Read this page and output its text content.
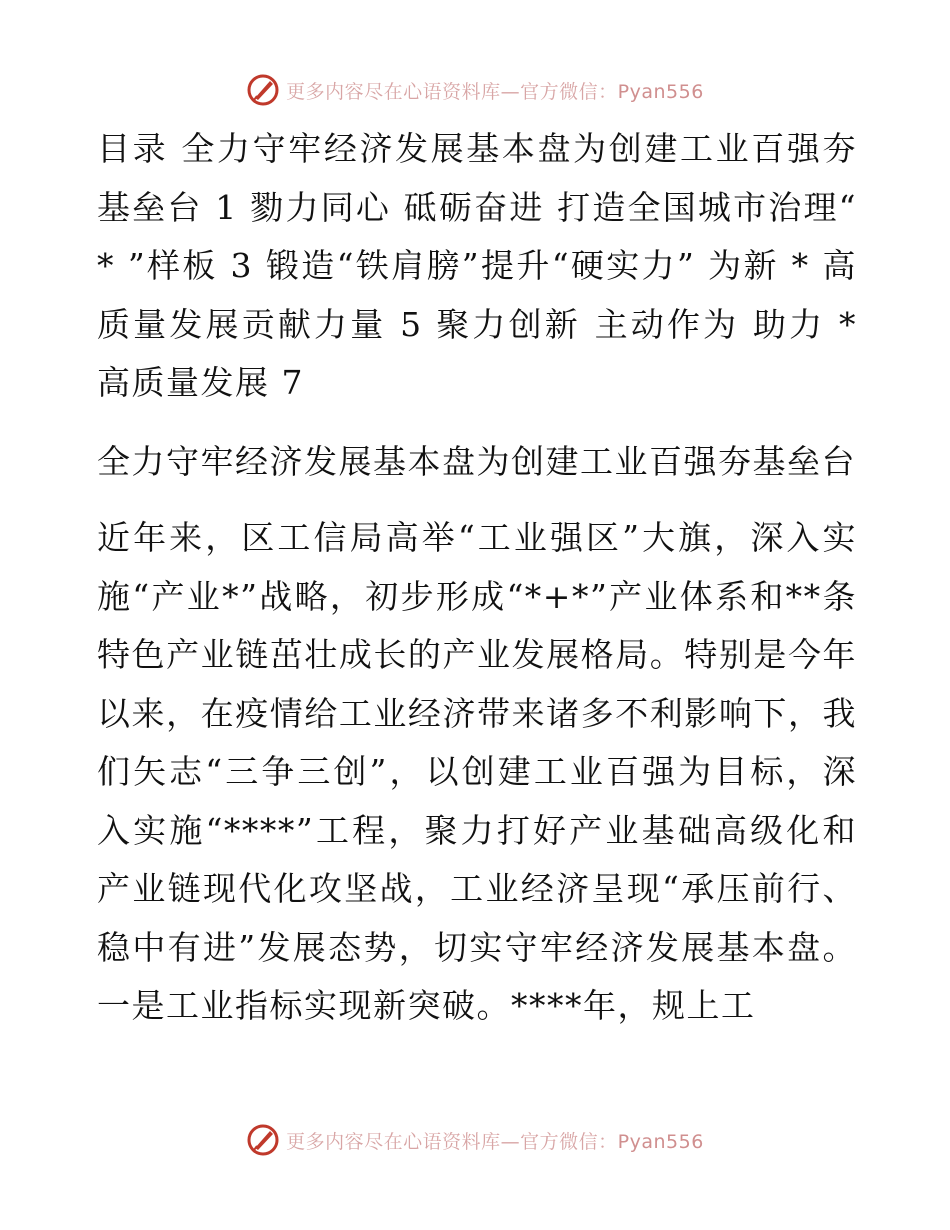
更多内容尽在心语资料库—官方微信：Pyan556

目录 全力守牢经济发展基本盘为创建工业百强夯基垒台 1 勠力同心 砥砺奋进 打造全国城市治理“ * ”样板 3 锻造“铁肩膀”提升“硬实力” 为新 * 高质量发展贡献力量 5 聚力创新 主动作为 助力 * 高质量发展 7

全力守牢经济发展基本盘为创建工业百强夯基垒台

近年来，区工信局高举“工业强区”大旗，深入实施“产业*”战略，初步形成“*+*”产业体系和**条特色产业链茁壮成长的产业发展格局。特别是今年以来，在疫情给工业经济带来诸多不利影响下，我们矢志“三争三创”，以创建工业百强为目标，深入实施“****”工程，聚力打好产业基础高级化和产业链现代化攻坚战，工业经济呈现“承压前行、稳中有进”发展态势，切实守牢经济发展基本盘。一是工业指标实现新突破。****年，规上工

更多内容尽在心语资料库—官方微信：Pyan556
